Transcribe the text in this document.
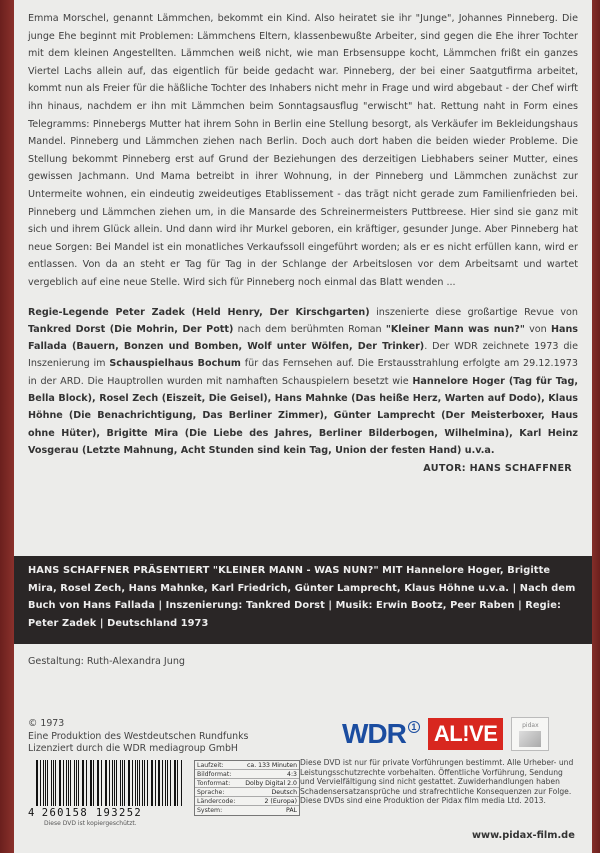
Emma Morschel, genannt Lämmchen, bekommt ein Kind. Also heiratet sie ihr "Junge", Johannes Pinneberg. Die junge Ehe beginnt mit Problemen: Lämmchens Eltern, klassenbewußte Arbeiter, sind gegen die Ehe ihrer Tochter mit dem kleinen Angestellten. Lämmchen weiß nicht, wie man Erbsensuppe kocht, Lämmchen frißt ein ganzes Viertel Lachs allein auf, das eigentlich für beide gedacht war. Pinneberg, der bei einer Saatgutfirma arbeitet, kommt nun als Freier für die häßliche Tochter des Inhabers nicht mehr in Frage und wird abgebaut - der Chef wirft ihn hinaus, nachdem er ihn mit Lämmchen beim Sonntagsausflug "erwischt" hat. Rettung naht in Form eines Telegramms: Pinnebergs Mutter hat ihrem Sohn in Berlin eine Stellung besorgt, als Verkäufer im Bekleidungshaus Mandel. Pinneberg und Lämmchen ziehen nach Berlin. Doch auch dort haben die beiden wieder Probleme. Die Stellung bekommt Pinneberg erst auf Grund der Beziehungen des derzeitigen Liebhabers seiner Mutter, eines gewissen Jachmann. Und Mama betreibt in ihrer Wohnung, in der Pinneberg und Lämmchen zunächst zur Untermeite wohnen, ein eindeutig zweideutiges Etablissement - das trägt nicht gerade zum Familienfrieden bei. Pinneberg und Lämmchen ziehen um, in die Mansarde des Schreinermeisters Puttbreese. Hier sind sie ganz mit sich und ihrem Glück allein. Und dann wird ihr Murkel geboren, ein kräftiger, gesunder Junge. Aber Pinneberg hat neue Sorgen: Bei Mandel ist ein monatliches Verkaufssoll eingeführt worden; als er es nicht erfüllen kann, wird er entlassen. Von da an steht er Tag für Tag in der Schlange der Arbeitslosen vor dem Arbeitsamt und wartet vergeblich auf eine neue Stelle. Wird sich für Pinneberg noch einmal das Blatt wenden ...

Regie-Legende Peter Zadek (Held Henry, Der Kirschgarten) inszenierte diese großartige Revue von Tankred Dorst (Die Mohrin, Der Pott) nach dem berühmten Roman "Kleiner Mann was nun?" von Hans Fallada (Bauern, Bonzen und Bomben, Wolf unter Wölfen, Der Trinker). Der WDR zeichnete 1973 die Inszenierung im Schauspielhaus Bochum für das Fernsehen auf. Die Erstausstrahlung erfolgte am 29.12.1973 in der ARD. Die Hauptrollen wurden mit namhaften Schauspielern besetzt wie Hannelore Hoger (Tag für Tag, Bella Block), Rosel Zech (Eiszeit, Die Geisel), Hans Mahnke (Das heiße Herz, Warten auf Dodo), Klaus Höhne (Die Benachrichtigung, Das Berliner Zimmer), Günter Lamprecht (Der Meisterboxer, Haus ohne Hüter), Brigitte Mira (Die Liebe des Jahres, Berliner Bilderbogen, Wilhelmina), Karl Heinz Vosgerau (Letzte Mahnung, Acht Stunden sind kein Tag, Union der festen Hand) u.v.a.

AUTOR: HANS SCHAFFNER

HANS SCHAFFNER PRÄSENTIERT "KLEINER MANN - WAS NUN?" MIT Hannelore Hoger, Brigitte Mira, Rosel Zech, Hans Mahnke, Karl Friedrich, Günter Lamprecht, Klaus Höhne u.v.a. | Nach dem Buch von Hans Fallada | Inszenierung: Tankred Dorst | Musik: Erwin Bootz, Peer Raben | Regie: Peter Zadek | Deutschland 1973

Gestaltung: Ruth-Alexandra Jung
© 1973
Eine Produktion des Westdeutschen Rundfunks
Lizenziert durch die WDR mediagroup GmbH	WDR 1 AL!VE	pidax
4 260158 193252
Diese DVD ist kopiergeschützt.
Laufzeit:	ca. 133 Minuten
Bildformat:	4:3
Tonformat: Dolby Digital 2.0
Sprache:	Deutsch
Ländercode:	2 (Europa)
System:	PAL
Diese DVD ist nur für private Vorführungen bestimmt. Alle Urheber- und Leistungsschutzrechte vorbehalten. Öffentliche Vorführung, Sendung und Vervielfältigung sind nicht gestattet. Zuwiderhandlungen haben Schadensersatzansprüche und strafrechtliche Konsequenzen zur Folge. Diese DVDs sind eine Produktion der Pidax film media Ltd. 2013.
www.pidax-film.de
